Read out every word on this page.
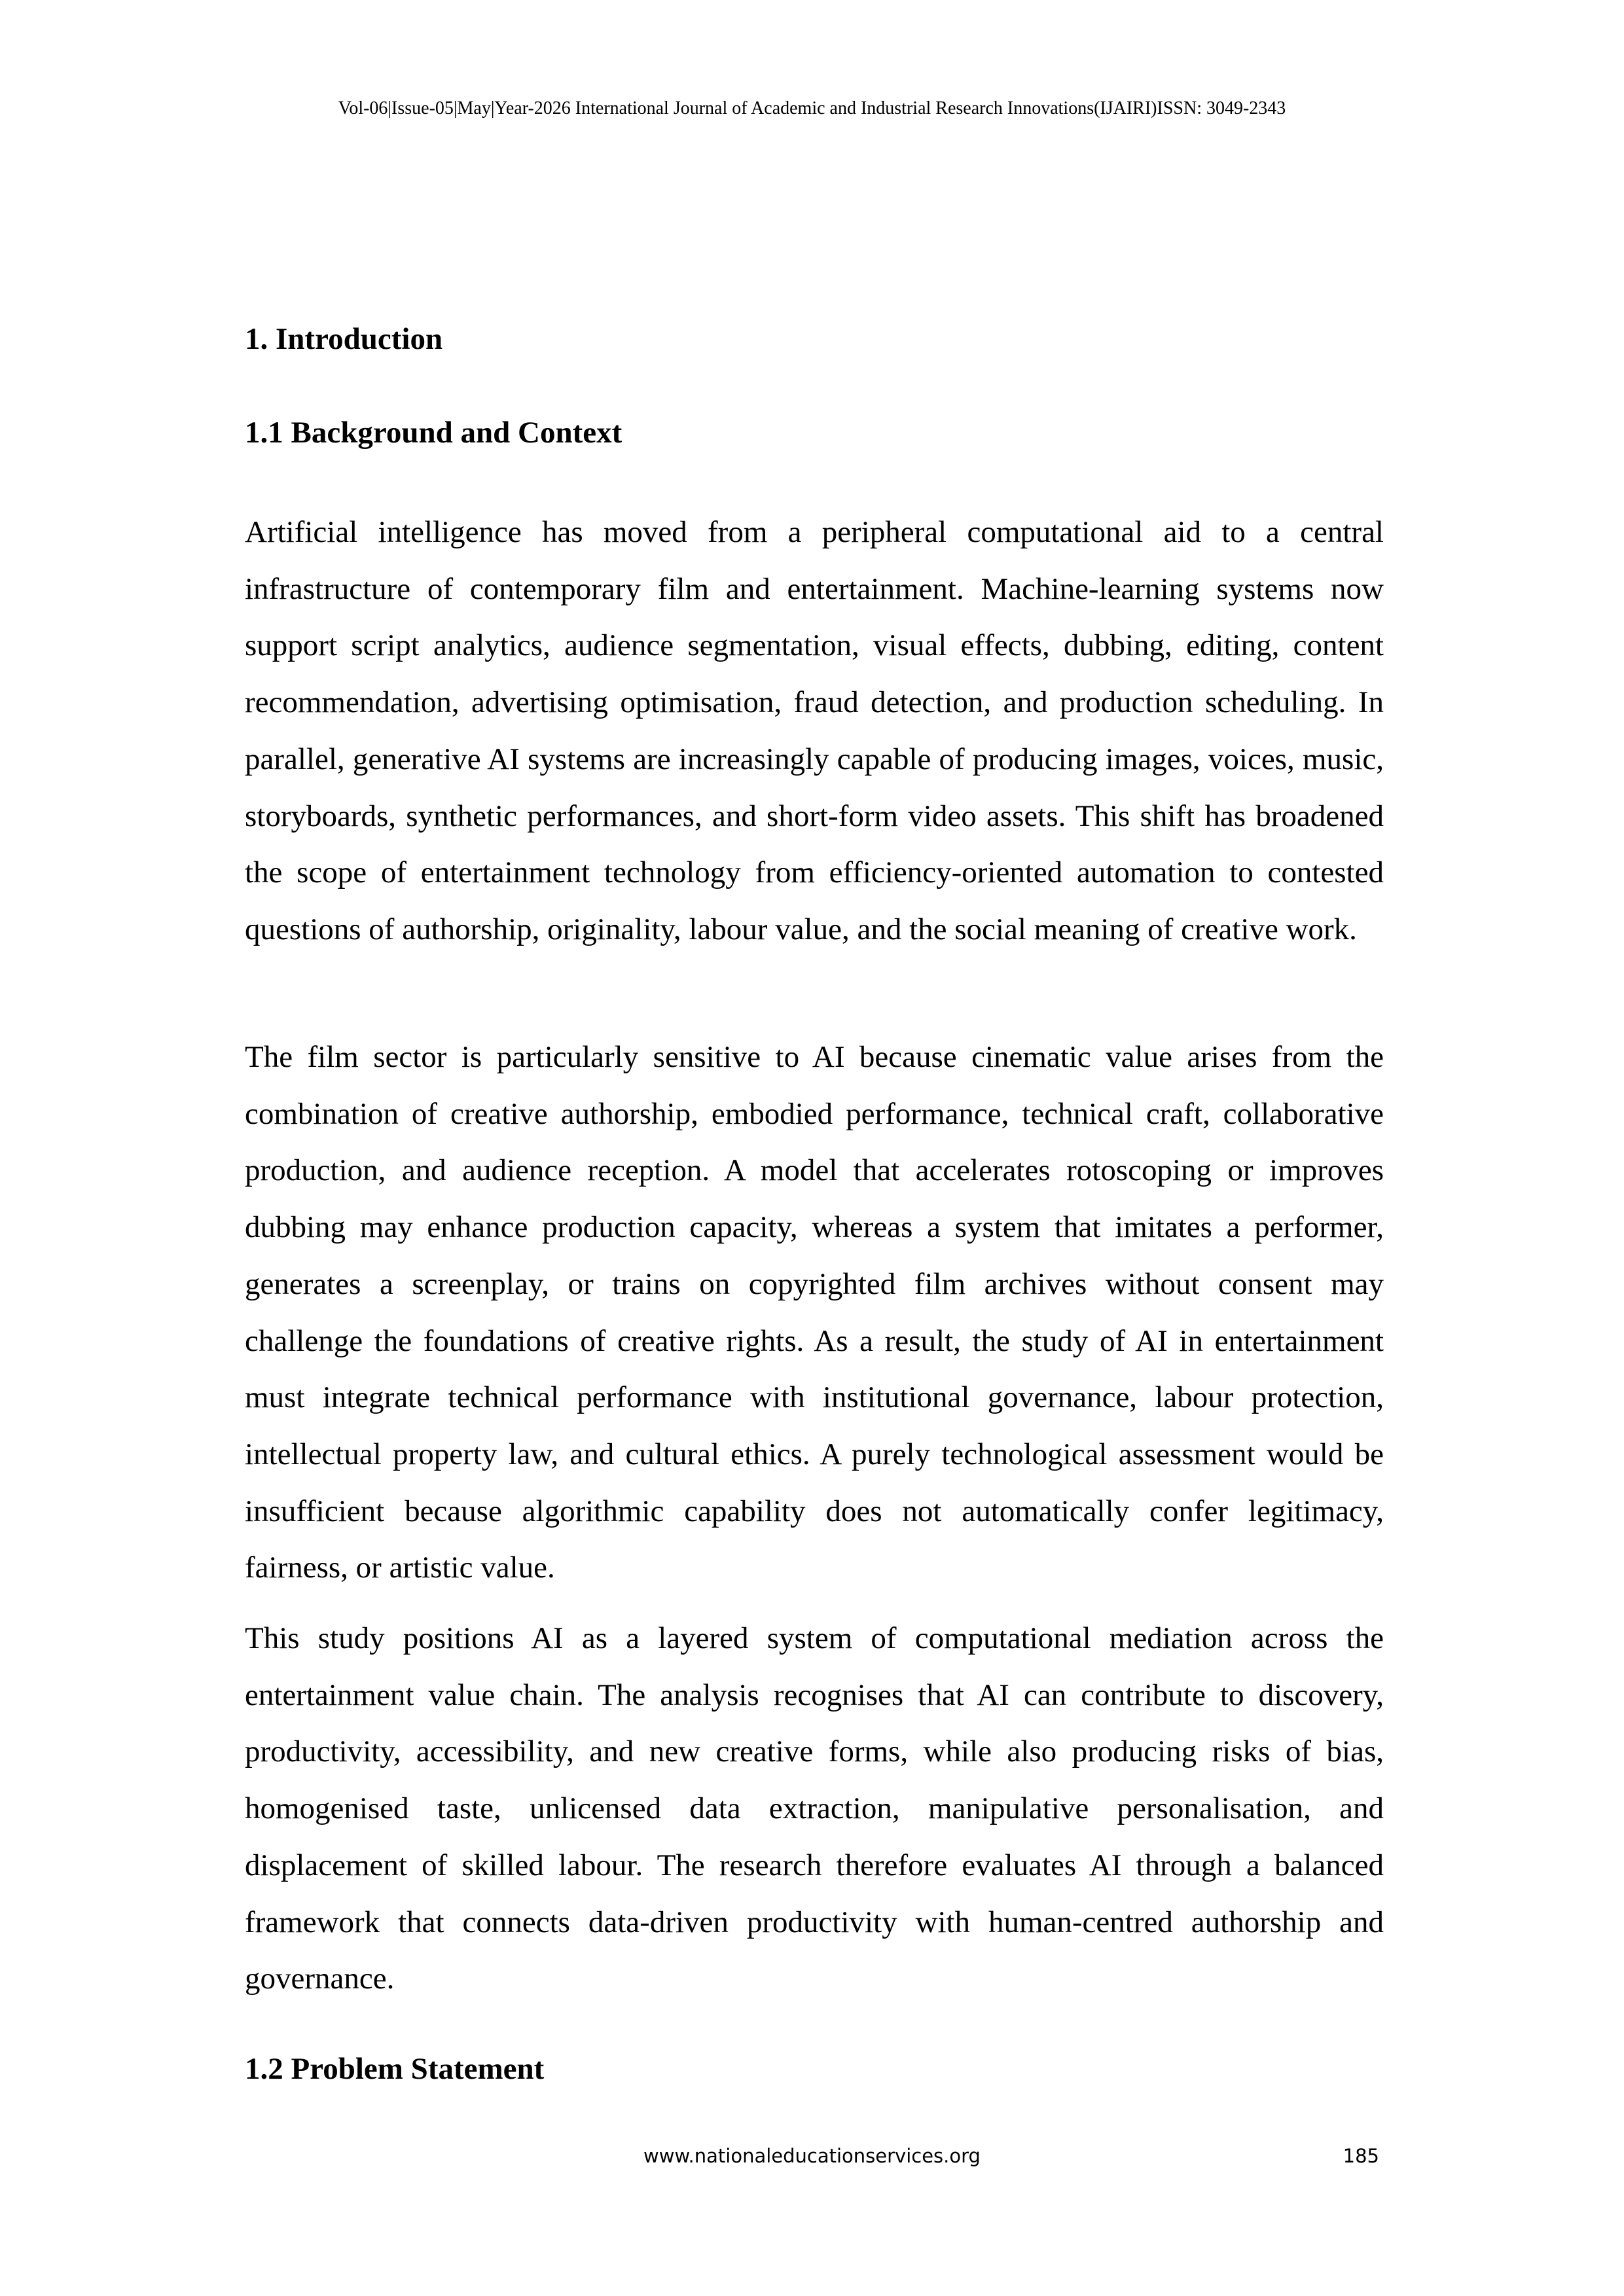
Vol-06|Issue-05|May|Year-2026 International Journal of Academic and Industrial Research Innovations(IJAIRI)ISSN: 3049-2343
1. Introduction
1.1 Background and Context

Artificial intelligence has moved from a peripheral computational aid to a central infrastructure of contemporary film and entertainment. Machine-learning systems now support script analytics, audience segmentation, visual effects, dubbing, editing, content recommendation, advertising optimisation, fraud detection, and production scheduling. In parallel, generative AI systems are increasingly capable of producing images, voices, music, storyboards, synthetic performances, and short-form video assets. This shift has broadened the scope of entertainment technology from efficiency-oriented automation to contested questions of authorship, originality, labour value, and the social meaning of creative work.

The film sector is particularly sensitive to AI because cinematic value arises from the combination of creative authorship, embodied performance, technical craft, collaborative production, and audience reception. A model that accelerates rotoscoping or improves dubbing may enhance production capacity, whereas a system that imitates a performer, generates a screenplay, or trains on copyrighted film archives without consent may challenge the foundations of creative rights. As a result, the study of AI in entertainment must integrate technical performance with institutional governance, labour protection, intellectual property law, and cultural ethics. A purely technological assessment would be insufficient because algorithmic capability does not automatically confer legitimacy, fairness, or artistic value.

This study positions AI as a layered system of computational mediation across the entertainment value chain. The analysis recognises that AI can contribute to discovery, productivity, accessibility, and new creative forms, while also producing risks of bias, homogenised taste, unlicensed data extraction, manipulative personalisation, and displacement of skilled labour. The research therefore evaluates AI through a balanced framework that connects data-driven productivity with human-centred authorship and governance.

1.2 Problem Statement
www.nationaleducationservices.org	185
